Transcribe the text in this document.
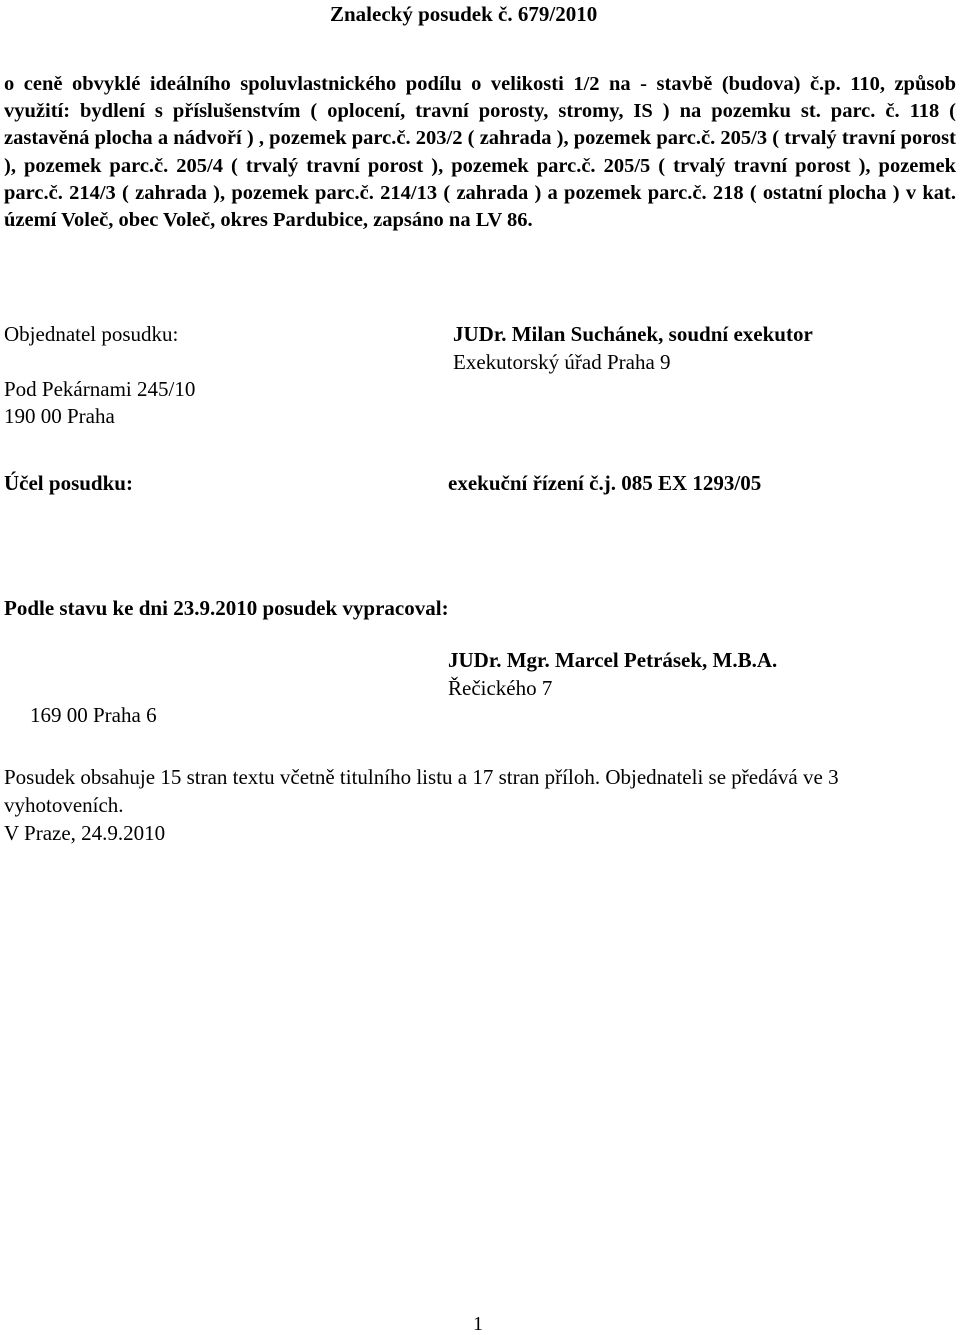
Znalecký posudek č. 679/2010
o ceně obvyklé ideálního spoluvlastnického podílu o velikosti 1/2 na - stavbě (budova) č.p. 110, způsob využití: bydlení s příslušenstvím ( oplocení, travní porosty, stromy, IS ) na pozemku st. parc. č. 118 ( zastavěná plocha a nádvoří ) , pozemek parc.č. 203/2 ( zahrada ), pozemek parc.č. 205/3 ( trvalý travní porost ), pozemek parc.č. 205/4 ( trvalý travní porost ), pozemek parc.č. 205/5 ( trvalý travní porost ), pozemek parc.č. 214/3 ( zahrada ), pozemek parc.č. 214/13 ( zahrada ) a pozemek parc.č. 218 ( ostatní plocha ) v kat. území Voleč, obec Voleč, okres Pardubice, zapsáno na LV 86.
Objednatel posudku:	JUDr. Milan Suchánek, soudní exekutor
Exekutorský úřad Praha 9
Pod Pekárnami 245/10
190 00 Praha
Účel posudku:	exekuční řízení č.j. 085 EX 1293/05
Podle stavu ke dni 23.9.2010 posudek vypracoval:
JUDr. Mgr. Marcel Petrásek, M.B.A.
Řečického 7
169 00 Praha 6
Posudek obsahuje 15 stran textu včetně titulního listu a 17 stran příloh. Objednateli se předává ve 3 vyhotoveních.
V Praze, 24.9.2010
1
